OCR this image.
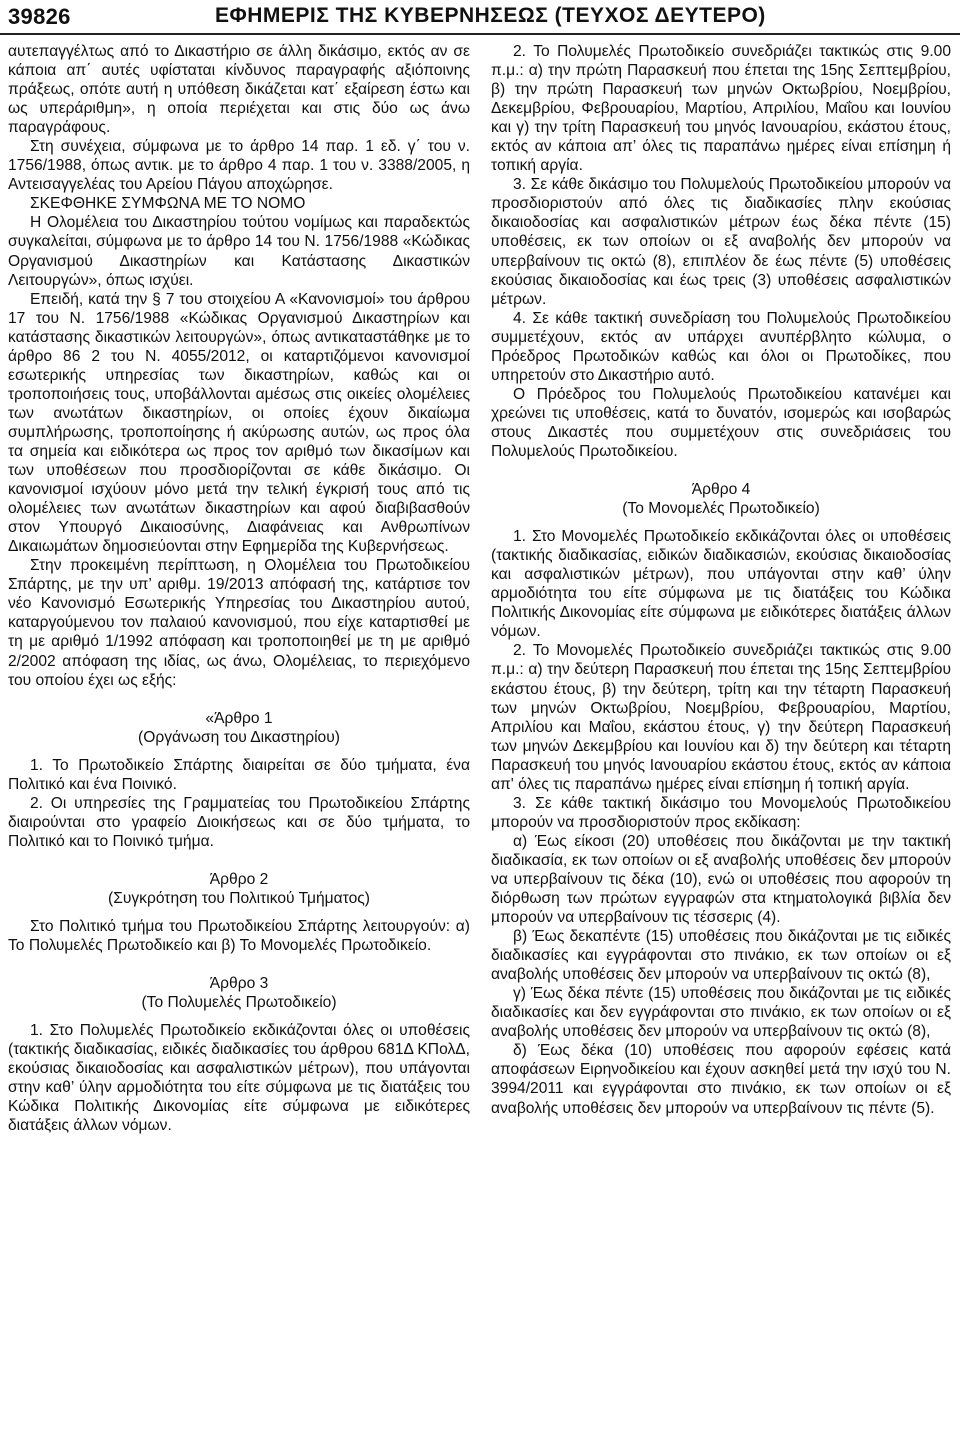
39826	ΕΦΗΜΕΡΙΣ ΤΗΣ ΚΥΒΕΡΝΗΣΕΩΣ (ΤΕΥΧΟΣ ΔΕΥΤΕΡΟ)

αυτεπαγγέλτως από το Δικαστήριο σε άλλη δικάσιμο, εκτός αν σε κάποια απ΄ αυτές υφίσταται κίνδυνος παραγραφής αξιόποινης πράξεως, οπότε αυτή η υπόθεση δικάζεται κατ΄ εξαίρεση έστω και ως υπεράριθμη», η οποία περιέχεται και στις δύο ως άνω παραγράφους.

Στη συνέχεια, σύμφωνα με το άρθρο 14 παρ. 1 εδ. γ΄ του ν. 1756/1988, όπως αντικ. με το άρθρο 4 παρ. 1 του ν. 3388/2005, η Αντεισαγγελέας του Αρείου Πάγου αποχώρησε.

ΣΚΕΦΘΗΚΕ ΣΥΜΦΩΝΑ ΜΕ ΤΟ ΝΟΜΟ

Η Ολομέλεια του Δικαστηρίου τούτου νομίμως και παραδεκτώς συγκαλείται, σύμφωνα με το άρθρο 14 του Ν. 1756/1988 «Κώδικας Οργανισμού Δικαστηρίων και Κατάστασης Δικαστικών Λειτουργών», όπως ισχύει.

Επειδή, κατά την § 7 του στοιχείου Α «Κανονισμοί» του άρθρου 17 του Ν. 1756/1988 «Κώδικας Οργανισμού Δικαστηρίων και κατάστασης δικαστικών λειτουργών», όπως αντικαταστάθηκε με το άρθρο 86 2 του Ν. 4055/2012, οι καταρτιζόμενοι κανονισμοί εσωτερικής υπηρεσίας των δικαστηρίων, καθώς και οι τροποποιήσεις τους, υποβάλλονται αμέσως στις οικείες ολομέλειες των ανωτάτων δικαστηρίων, οι οποίες έχουν δικαίωμα συμπλήρωσης, τροποποίησης ή ακύρωσης αυτών, ως προς όλα τα σημεία και ειδικότερα ως προς τον αριθμό των δικασίμων και των υποθέσεων που προσδιορίζονται σε κάθε δικάσιμο. Οι κανονισμοί ισχύουν μόνο μετά την τελική έγκρισή τους από τις ολομέλειες των ανωτάτων δικαστηρίων και αφού διαβιβασθούν στον Υπουργό Δικαιοσύνης, Διαφάνειας και Ανθρωπίνων Δικαιωμάτων δημοσιεύονται στην Εφημερίδα της Κυβερνήσεως.

Στην προκειμένη περίπτωση, η Ολομέλεια του Πρωτοδικείου Σπάρτης, με την υπ’ αριθμ. 19/2013 απόφασή της, κατάρτισε τον νέο Κανονισμό Εσωτερικής Υπηρεσίας του Δικαστηρίου αυτού, καταργούμενου τον παλαιού κανονισμού, που είχε καταρτισθεί με τη με αριθμό 1/1992 απόφαση και τροποποιηθεί με τη με αριθμό 2/2002 απόφαση της ιδίας, ως άνω, Ολομέλειας, το περιεχόμενο του οποίου έχει ως εξής:

«Άρθρο 1

(Οργάνωση του Δικαστηρίου)

1. Το Πρωτοδικείο Σπάρτης διαιρείται σε δύο τμήματα, ένα Πολιτικό και ένα Ποινικό.

2. Οι υπηρεσίες της Γραμματείας του Πρωτοδικείου Σπάρτης διαιρούνται στο γραφείο Διοικήσεως και σε δύο τμήματα, το Πολιτικό και το Ποινικό τμήμα.

Άρθρο 2

(Συγκρότηση του Πολιτικού Τμήματος)

Στο Πολιτικό τμήμα του Πρωτοδικείου Σπάρτης λειτουργούν: α) Το Πολυμελές Πρωτοδικείο και β) Το Μονομελές Πρωτοδικείο.

Άρθρο 3

(Το Πολυμελές Πρωτοδικείο)

1. Στο Πολυμελές Πρωτοδικείο εκδικάζονται όλες οι υποθέσεις (τακτικής διαδικασίας, ειδικές διαδικασίες του άρθρου 681Δ ΚΠολΔ, εκούσιας δικαιοδοσίας και ασφαλιστικών μέτρων), που υπάγονται στην καθ’ ύλην αρμοδιότητα του είτε σύμφωνα με τις διατάξεις του Κώδικα Πολιτικής Δικονομίας είτε σύμφωνα με ειδικότερες διατάξεις άλλων νόμων.

2. Το Πολυμελές Πρωτοδικείο συνεδριάζει τακτικώς στις 9.00 π.μ.: α) την πρώτη Παρασκευή που έπεται της 15ης Σεπτεμβρίου, β) την πρώτη Παρασκευή των μηνών Οκτωβρίου, Νοεμβρίου, Δεκεμβρίου, Φεβρουαρίου, Μαρτίου, Απριλίου, Μαΐου και Ιουνίου και γ) την τρίτη Παρασκευή του μηνός Ιανουαρίου, εκάστου έτους, εκτός αν κάποια απ’ όλες τις παραπάνω ημέρες είναι επίσημη ή τοπική αργία.

3. Σε κάθε δικάσιμο του Πολυμελούς Πρωτοδικείου μπορούν να προσδιοριστούν από όλες τις διαδικασίες πλην εκούσιας δικαιοδοσίας και ασφαλιστικών μέτρων έως δέκα πέντε (15) υποθέσεις, εκ των οποίων οι εξ αναβολής δεν μπορούν να υπερβαίνουν τις οκτώ (8), επιπλέον δε έως πέντε (5) υποθέσεις εκούσιας δικαιοδοσίας και έως τρεις (3) υποθέσεις ασφαλιστικών μέτρων.

4. Σε κάθε τακτική συνεδρίαση του Πολυμελούς Πρωτοδικείου συμμετέχουν, εκτός αν υπάρχει ανυπέρβλητο κώλυμα, ο Πρόεδρος Πρωτοδικών καθώς και όλοι οι Πρωτοδίκες, που υπηρετούν στο Δικαστήριο αυτό.

Ο Πρόεδρος του Πολυμελούς Πρωτοδικείου κατανέμει και χρεώνει τις υποθέσεις, κατά το δυνατόν, ισομερώς και ισοβαρώς στους Δικαστές που συμμετέχουν στις συνεδριάσεις του Πολυμελούς Πρωτοδικείου.

Άρθρο 4

(Το Μονομελές Πρωτοδικείο)

1. Στο Μονομελές Πρωτοδικείο εκδικάζονται όλες οι υποθέσεις (τακτικής διαδικασίας, ειδικών διαδικασιών, εκούσιας δικαιοδοσίας και ασφαλιστικών μέτρων), που υπάγονται στην καθ’ ύλην αρμοδιότητα του είτε σύμφωνα με τις διατάξεις του Κώδικα Πολιτικής Δικονομίας είτε σύμφωνα με ειδικότερες διατάξεις άλλων νόμων.

2. Το Μονομελές Πρωτοδικείο συνεδριάζει τακτικώς στις 9.00 π.μ.: α) την δεύτερη Παρασκευή που έπεται της 15ης Σεπτεμβρίου εκάστου έτους, β) την δεύτερη, τρίτη και την τέταρτη Παρασκευή των μηνών Οκτωβρίου, Νοεμβρίου, Φεβρουαρίου, Μαρτίου, Απριλίου και Μαΐου, εκάστου έτους, γ) την δεύτερη Παρασκευή των μηνών Δεκεμβρίου και Ιουνίου και δ) την δεύτερη και τέταρτη Παρασκευή του μηνός Ιανουαρίου εκάστου έτους, εκτός αν κάποια απ' όλες τις παραπάνω ημέρες είναι επίσημη ή τοπική αργία.

3. Σε κάθε τακτική δικάσιμο του Μονομελούς Πρωτοδικείου μπορούν να προσδιοριστούν προς εκδίκαση:

α) Έως είκοσι (20) υποθέσεις που δικάζονται με την τακτική διαδικασία, εκ των οποίων οι εξ αναβολής υποθέσεις δεν μπορούν να υπερβαίνουν τις δέκα (10), ενώ οι υποθέσεις που αφορούν τη διόρθωση των πρώτων εγγραφών στα κτηματολογικά βιβλία δεν μπορούν να υπερβαίνουν τις τέσσερις (4).

β) Έως δεκαπέντε (15) υποθέσεις που δικάζονται με τις ειδικές διαδικασίες και εγγράφονται στο πινάκιο, εκ των οποίων οι εξ αναβολής υποθέσεις δεν μπορούν να υπερβαίνουν τις οκτώ (8),

γ) Έως δέκα πέντε (15) υποθέσεις που δικάζονται με τις ειδικές διαδικασίες και δεν εγγράφονται στο πινάκιο, εκ των οποίων οι εξ αναβολής υποθέσεις δεν μπορούν να υπερβαίνουν τις οκτώ (8),

δ) Έως δέκα (10) υποθέσεις που αφορούν εφέσεις κατά αποφάσεων Ειρηνοδικείου και έχουν ασκηθεί μετά την ισχύ του Ν. 3994/2011 και εγγράφονται στο πινάκιο, εκ των οποίων οι εξ αναβολής υποθέσεις δεν μπορούν να υπερβαίνουν τις πέντε (5).
